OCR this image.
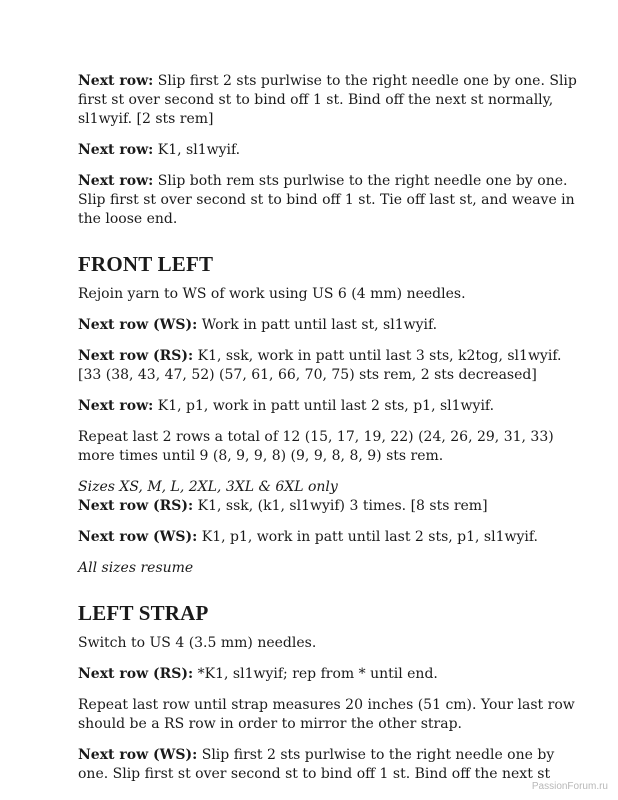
Next row: Slip first 2 sts purlwise to the right needle one by one. Slip first st over second st to bind off 1 st. Bind off the next st normally, sl1wyif. [2 sts rem]

Next row: K1, sl1wyif.

Next row: Slip both rem sts purlwise to the right needle one by one. Slip first st over second st to bind off 1 st. Tie off last st, and weave in the loose end.

FRONT LEFT

Rejoin yarn to WS of work using US 6 (4 mm) needles.

Next row (WS): Work in patt until last st, sl1wyif.

Next row (RS): K1, ssk, work in patt until last 3 sts, k2tog, sl1wyif. [33 (38, 43, 47, 52) (57, 61, 66, 70, 75) sts rem, 2 sts decreased]

Next row: K1, p1, work in patt until last 2 sts, p1, sl1wyif.

Repeat last 2 rows a total of 12 (15, 17, 19, 22) (24, 26, 29, 31, 33) more times until 9 (8, 9, 9, 8) (9, 9, 8, 8, 9) sts rem.

Sizes XS, M, L, 2XL, 3XL & 6XL only

Next row (RS): K1, ssk, (k1, sl1wyif) 3 times. [8 sts rem]

Next row (WS): K1, p1, work in patt until last 2 sts, p1, sl1wyif.

All sizes resume

LEFT STRAP

Switch to US 4 (3.5 mm) needles.

Next row (RS): *K1, sl1wyif; rep from * until end.

Repeat last row until strap measures 20 inches (51 cm). Your last row should be a RS row in order to mirror the other strap.

Next row (WS): Slip first 2 sts purlwise to the right needle one by one. Slip first st over second st to bind off 1 st. Bind off the next st

PassionForum.ru
